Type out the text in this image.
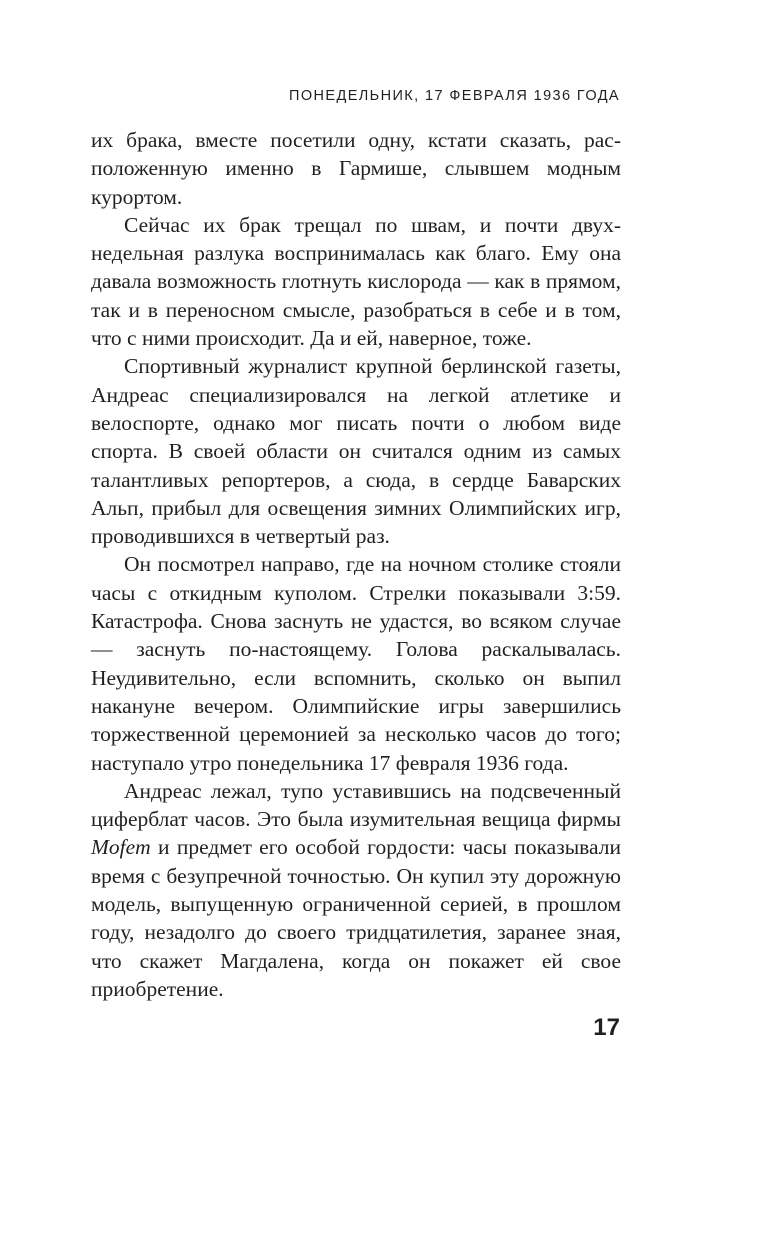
ПОНЕДЕЛЬНИК, 17 ФЕВРАЛЯ 1936 ГОДА

их брака, вместе посетили одну, кстати сказать, расположенную именно в Гармише, слывшем модным курортом.

Сейчас их брак трещал по швам, и почти двухнедельная разлука воспринималась как благо. Ему она давала возможность глотнуть кислорода — как в прямом, так и в переносном смысле, разобраться в себе и в том, что с ними происходит. Да и ей, наверное, тоже.

Спортивный журналист крупной берлинской газеты, Андреас специализировался на легкой атлетике и велоспорте, однако мог писать почти о любом виде спорта. В своей области он считался одним из самых талантливых репортеров, а сюда, в сердце Баварских Альп, прибыл для освещения зимних Олимпийских игр, проводившихся в четвертый раз.

Он посмотрел направо, где на ночном столике стояли часы с откидным куполом. Стрелки показывали 3:59. Катастрофа. Снова заснуть не удастся, во всяком случае — заснуть по-настоящему. Голова раскалывалась. Неудивительно, если вспомнить, сколько он выпил накануне вечером. Олимпийские игры завершились торжественной церемонией за несколько часов до того; наступало утро понедельника 17 февраля 1936 года.

Андреас лежал, тупо уставившись на подсвеченный циферблат часов. Это была изумительная вещица фирмы Mofem и предмет его особой гордости: часы показывали время с безупречной точностью. Он купил эту дорожную модель, выпущенную ограниченной серией, в прошлом году, незадолго до своего тридцатилетия, заранее зная, что скажет Магдалена, когда он покажет ей свое приобретение.

17
